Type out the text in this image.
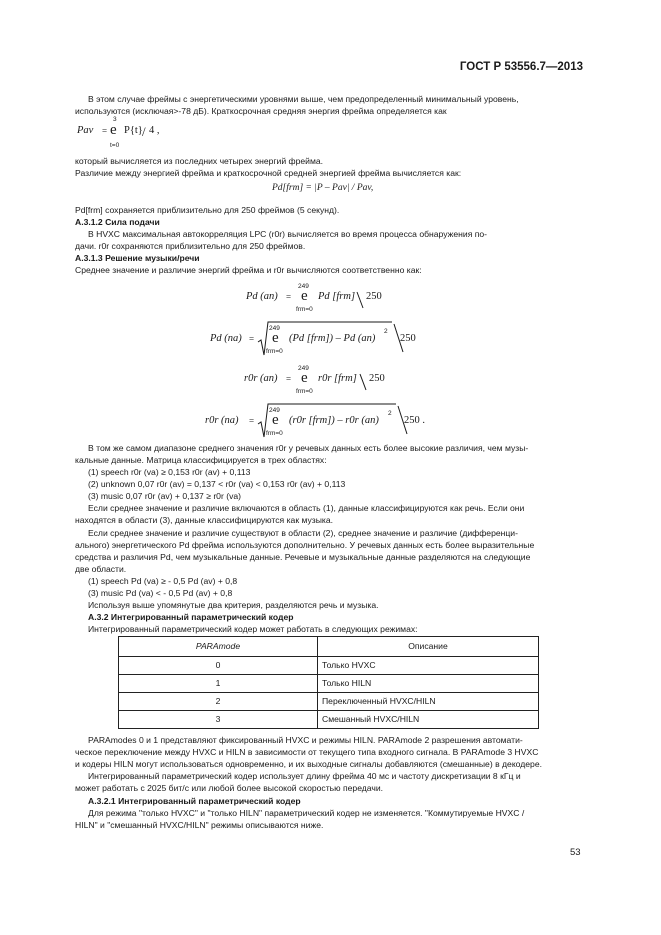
ГОСТ Р 53556.7—2013
В этом случае фреймы с энергетическими уровнями выше, чем предопределенный минимальный уровень,
используются (исключая>-78 дБ). Краткосрочная средняя энергия фрейма определяется как
Pav =
3
e
t=0
P{t} / 4 ,
который вычисляется из последних четырех энергий фрейма.
Различие между энергией фрейма и краткосрочной средней энергией фрейма вычисляется как:
Pd[frm] = |P – Pav| / Pav,
Pd[frm] сохраняется приблизительно для 250 фреймов (5 секунд).
А.3.1.2 Сила подачи
В HVXC максимальная автокорреляция LPC (r0r) вычисляется во время процесса обнаружения по-
дачи. r0r сохраняются приблизительно для 250 фреймов.
А.3.1.3 Решение музыки/речи
Среднее значение и различие энергий фрейма и r0r вычисляются соответственно как:
Pd (an) =
249
e
frm=0
Pd [frm] 250
Pd (na) =
249
e
frm=0
(Pd [frm]) – Pd (an)
2
250
r0r (an) =
249
e
frm=0
r0r [frm] 250
r0r (na) =
249
e
frm=0
(r0r [frm]) – r0r (an)
2
250 .
В том же самом диапазоне среднего значения r0r у речевых данных есть более высокие различия, чем музы-
кальные данные. Матрица классифицируется в трех областях:
(1) speech r0r (va) ≥ 0,153 r0r (av) + 0,113
(2) unknown 0,07 r0r (av) = 0,137 < r0r (va) < 0,153 r0r (av) + 0,113
(3) music 0,07 r0r (av) + 0,137 ≥ r0r (va)
Если среднее значение и различие включаются в область (1), данные классифицируются как речь. Если они
находятся в области (3), данные классифицируются как музыка.
Если среднее значение и различие существуют в области (2), среднее значение и различие (дифференци-
ального) энергетического Pd фрейма используются дополнительно. У речевых данных есть более выразительные
средства и различия Pd, чем музыкальные данные. Речевые и музыкальные данные разделяются на следующие
две области.
(1) speech Pd (va) ≥ - 0,5 Pd (av) + 0,8
(3) music Pd (va) < - 0,5 Pd (av) + 0,8
Используя выше упомянутые два критерия, разделяются речь и музыка.
А.3.2 Интегрированный параметрический кодер
Интегрированный параметрический кодер может работать в следующих режимах:
PARAmode	Описание
0	Только HVXC
1	Только HILN
2	Переключенный HVXC/HILN
3	Смешанный HVXC/HILN
PARAmodes 0 и 1 представляют фиксированный HVXC и режимы HILN. PARAmode 2 разрешения автомати-
ческое переключение между HVXC и HILN в зависимости от текущего типа входного сигнала. В PARAmode 3 HVXC
и кодеры HILN могут использоваться одновременно, и их выходные сигналы добавляются (смешанные) в декодере.
Интегрированный параметрический кодер использует длину фрейма 40 мс и частоту дискретизации 8 кГц и
может работать с 2025 бит/с или любой более высокой скоростью передачи.
А.3.2.1 Интегрированный параметрический кодер
Для режима "только HVXC" и "только HILN" параметрический кодер не изменяется. "Коммутируемые HVXC /
HILN" и "смешанный HVXC/HILN" режимы описываются ниже.
53
